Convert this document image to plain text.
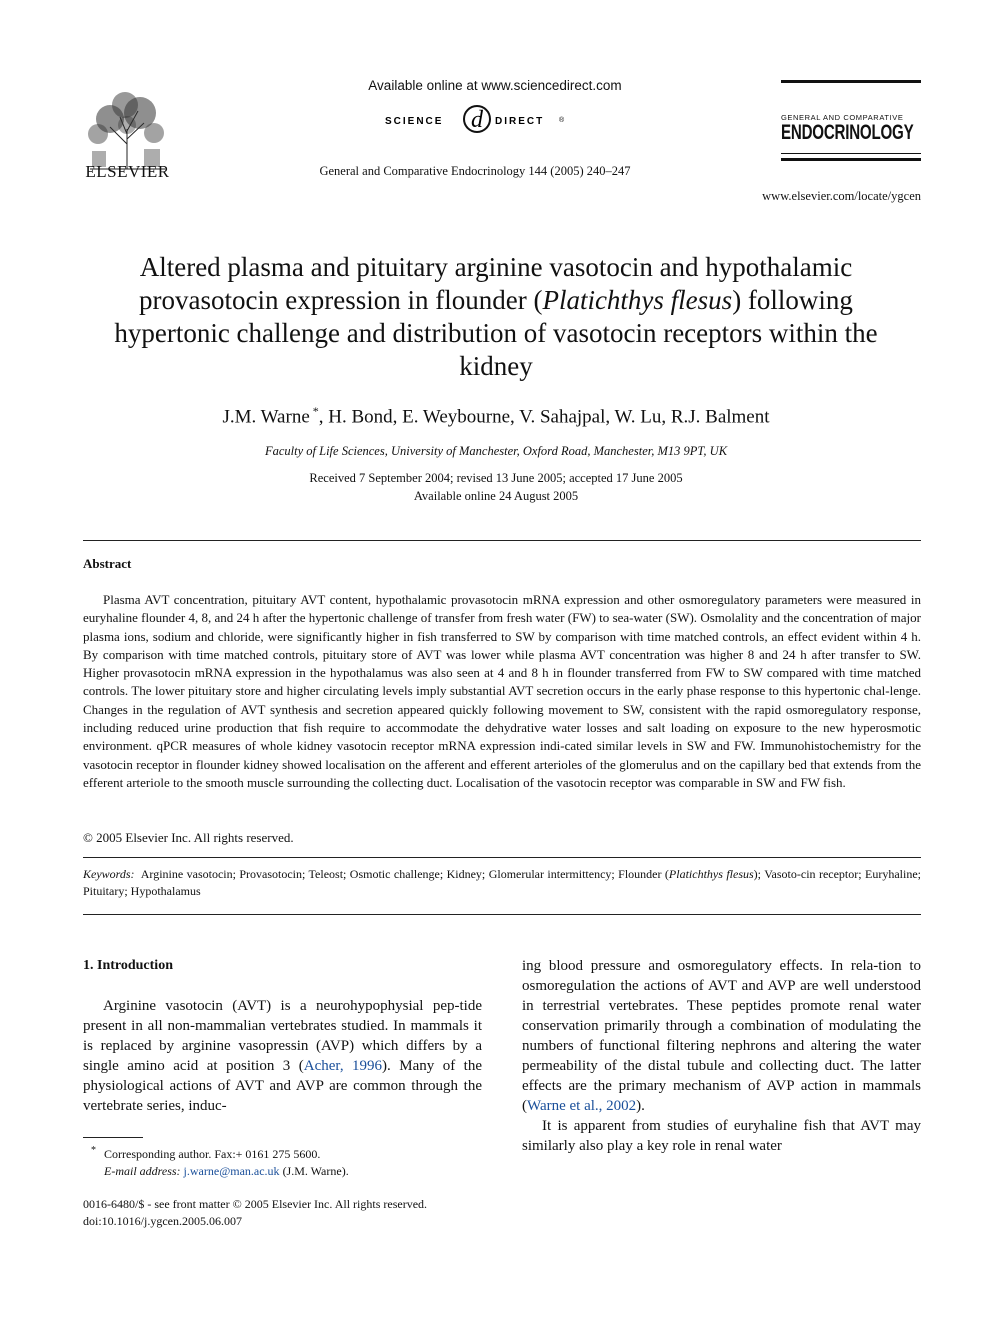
ELSEVIER
Available online at www.sciencedirect.com
SCIENCE d DIRECT ®
General and Comparative Endocrinology 144 (2005) 240–247
GENERAL AND COMPARATIVE
ENDOCRINOLOGY
www.elsevier.com/locate/ygcen
Altered plasma and pituitary arginine vasotocin and hypothalamic provasotocin expression in flounder (Platichthys flesus) following hypertonic challenge and distribution of vasotocin receptors within the kidney
J.M. Warne *, H. Bond, E. Weybourne, V. Sahajpal, W. Lu, R.J. Balment
Faculty of Life Sciences, University of Manchester, Oxford Road, Manchester, M13 9PT, UK
Received 7 September 2004; revised 13 June 2005; accepted 17 June 2005
Available online 24 August 2005
Abstract

Plasma AVT concentration, pituitary AVT content, hypothalamic provasotocin mRNA expression and other osmoregulatory parameters were measured in euryhaline flounder 4, 8, and 24 h after the hypertonic challenge of transfer from fresh water (FW) to sea-water (SW). Osmolality and the concentration of major plasma ions, sodium and chloride, were significantly higher in fish transferred to SW by comparison with time matched controls, an effect evident within 4 h. By comparison with time matched controls, pituitary store of AVT was lower while plasma AVT concentration was higher 8 and 24 h after transfer to SW. Higher provasotocin mRNA expression in the hypothalamus was also seen at 4 and 8 h in flounder transferred from FW to SW compared with time matched controls. The lower pituitary store and higher circulating levels imply substantial AVT secretion occurs in the early phase response to this hypertonic chal-lenge. Changes in the regulation of AVT synthesis and secretion appeared quickly following movement to SW, consistent with the rapid osmoregulatory response, including reduced urine production that fish require to accommodate the dehydrative water losses and salt loading on exposure to the new hyperosmotic environment. qPCR measures of whole kidney vasotocin receptor mRNA expression indi-cated similar levels in SW and FW. Immunohistochemistry for the vasotocin receptor in flounder kidney showed localisation on the afferent and efferent arterioles of the glomerulus and on the capillary bed that extends from the efferent arteriole to the smooth muscle surrounding the collecting duct. Localisation of the vasotocin receptor was comparable in SW and FW fish.

© 2005 Elsevier Inc. All rights reserved.
Keywords: Arginine vasotocin; Provasotocin; Teleost; Osmotic challenge; Kidney; Glomerular intermittency; Flounder (Platichthys flesus); Vasoto-cin receptor; Euryhaline; Pituitary; Hypothalamus
1. Introduction

Arginine vasotocin (AVT) is a neurohypophysial pep-tide present in all non-mammalian vertebrates studied. In mammals it is replaced by arginine vasopressin (AVP) which differs by a single amino acid at position 3 (Acher, 1996). Many of the physiological actions of AVT and AVP are common through the vertebrate series, induc-

ing blood pressure and osmoregulatory effects. In rela-tion to osmoregulation the actions of AVT and AVP are well understood in terrestrial vertebrates. These peptides promote renal water conservation primarily through a combination of modulating the numbers of functional filtering nephrons and altering the water permeability of the distal tubule and collecting duct. The latter effects are the primary mechanism of AVP action in mammals (Warne et al., 2002).

It is apparent from studies of euryhaline fish that AVT may similarly also play a key role in renal water

* Corresponding author. Fax:+ 0161 275 5600.
E-mail address: j.warne@man.ac.uk (J.M. Warne).
0016-6480/$ - see front matter © 2005 Elsevier Inc. All rights reserved.
doi:10.1016/j.ygcen.2005.06.007
